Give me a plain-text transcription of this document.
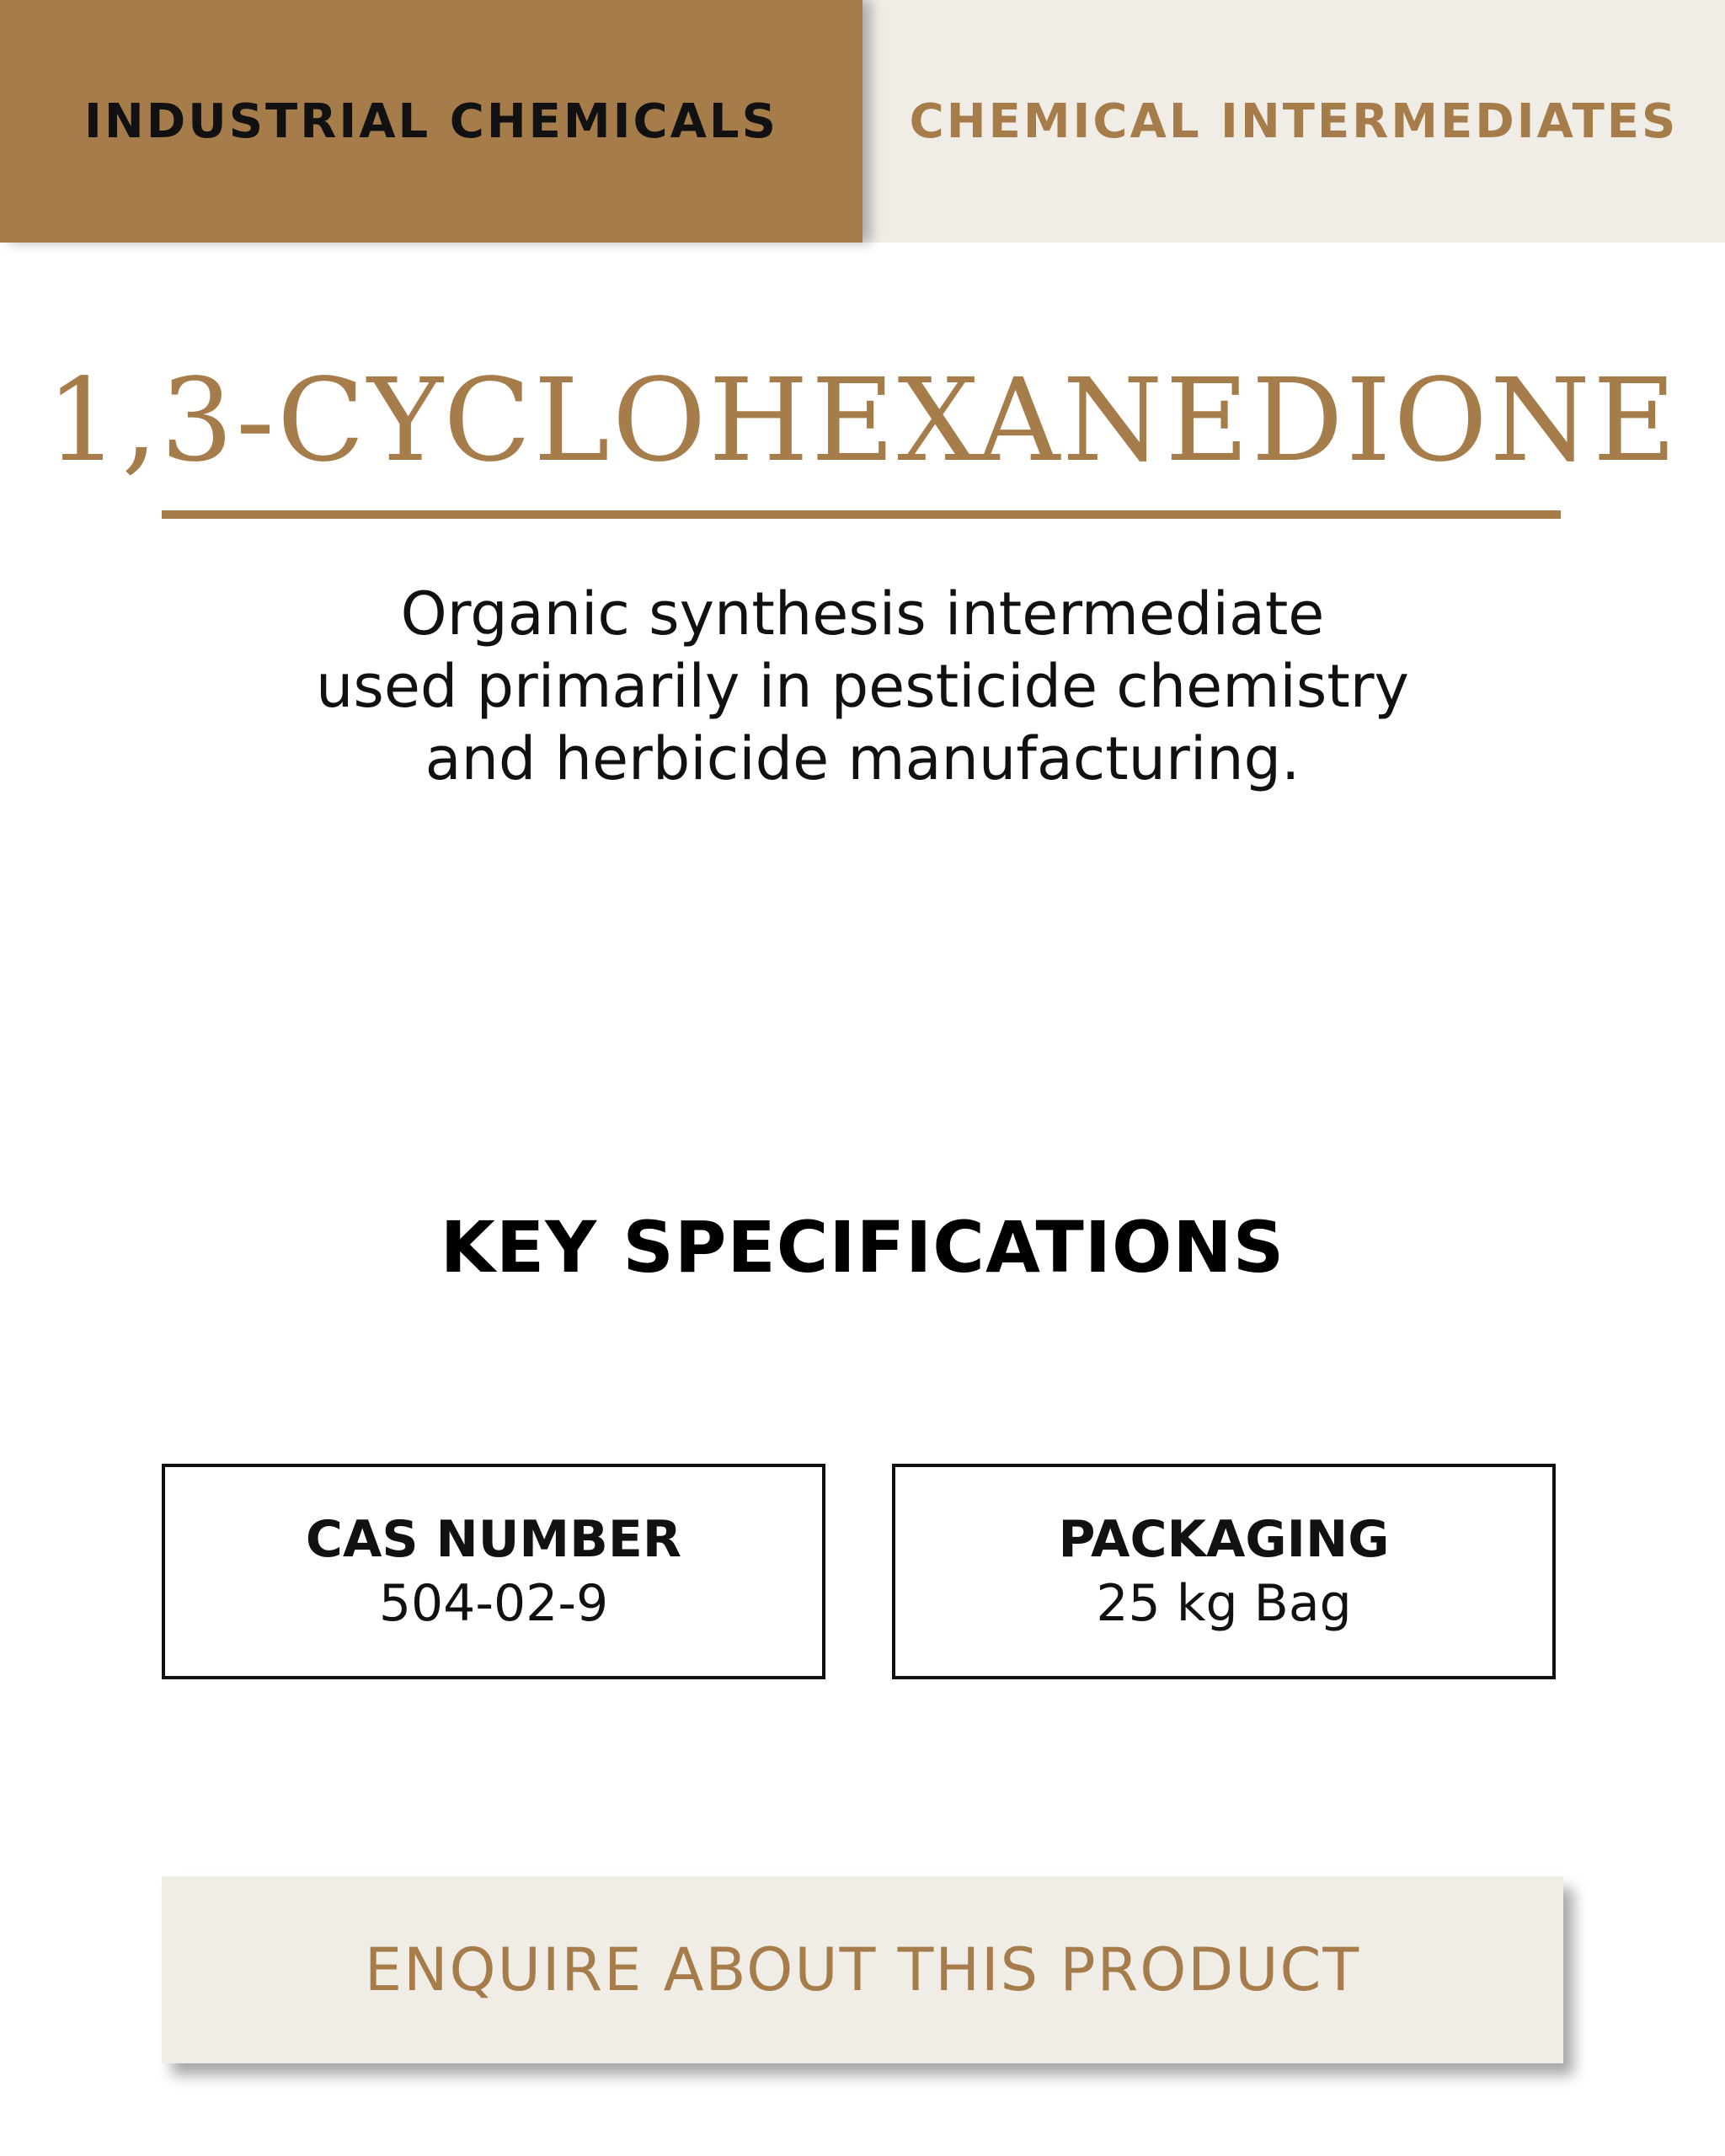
INDUSTRIAL CHEMICALS	CHEMICAL INTERMEDIATES
1,3-CYCLOHEXANEDIONE
Organic synthesis intermediate
used primarily in pesticide chemistry
and herbicide manufacturing.
KEY SPECIFICATIONS
CAS NUMBER
504-02-9
PACKAGING
25 kg Bag
ENQUIRE ABOUT THIS PRODUCT
